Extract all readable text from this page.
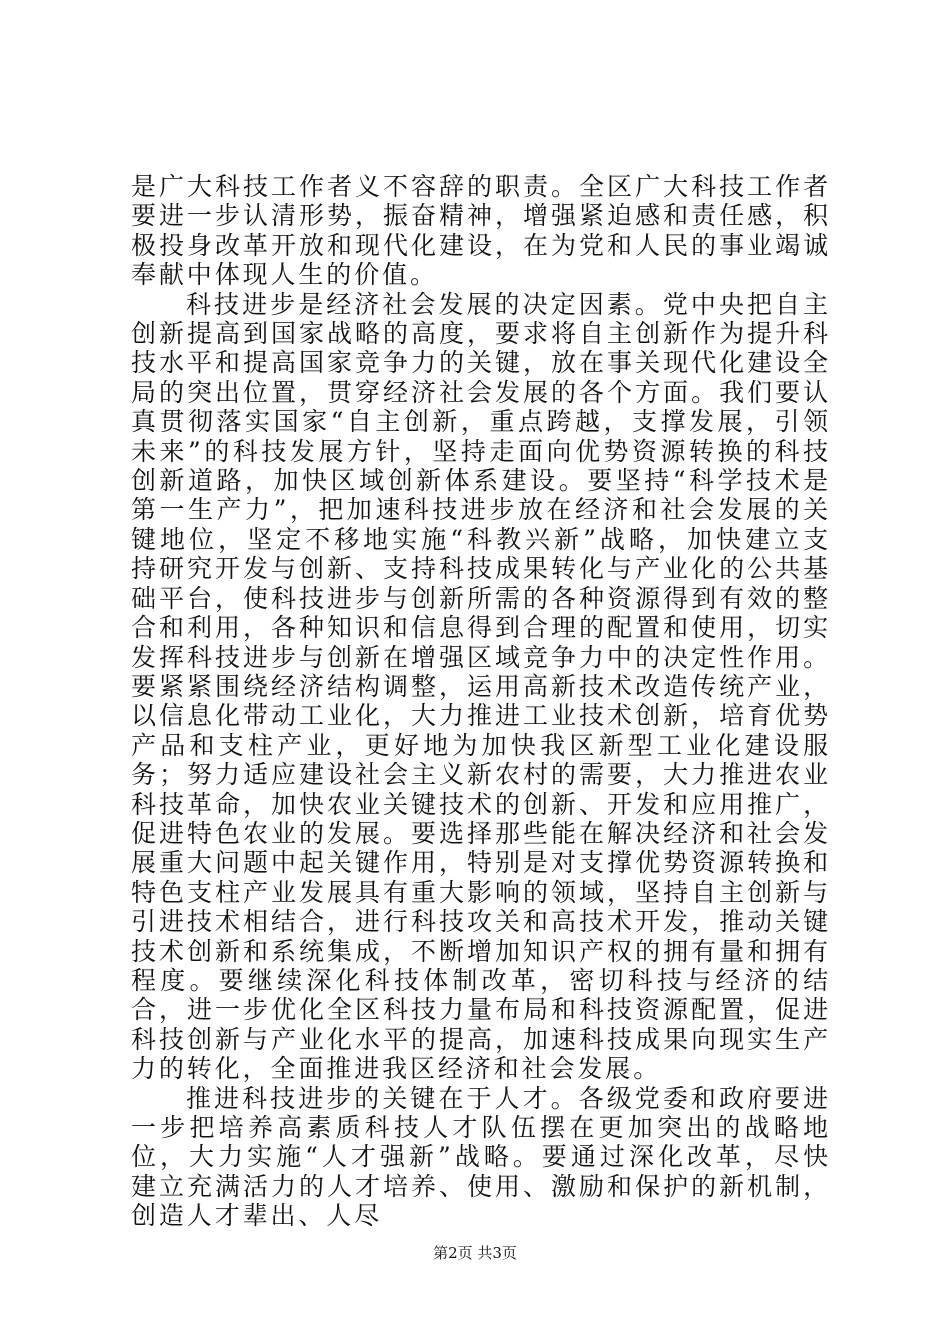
是广大科技工作者义不容辞的职责。全区广大科技工作者要进一步认清形势，振奋精神，增强紧迫感和责任感，积极投身改革开放和现代化建设，在为党和人民的事业竭诚奉献中体现人生的价值。

科技进步是经济社会发展的决定因素。党中央把自主创新提高到国家战略的高度，要求将自主创新作为提升科技水平和提高国家竞争力的关键，放在事关现代化建设全局的突出位置，贯穿经济社会发展的各个方面。我们要认真贯彻落实国家“自主创新，重点跨越，支撑发展，引领未来”的科技发展方针，坚持走面向优势资源转换的科技创新道路，加快区域创新体系建设。要坚持“科学技术是第一生产力”，把加速科技进步放在经济和社会发展的关键地位，坚定不移地实施“科教兴新”战略，加快建立支持研究开发与创新、支持科技成果转化与产业化的公共基础平台，使科技进步与创新所需的各种资源得到有效的整合和利用，各种知识和信息得到合理的配置和使用，切实发挥科技进步与创新在增强区域竞争力中的决定性作用。要紧紧围绕经济结构调整，运用高新技术改造传统产业，以信息化带动工业化，大力推进工业技术创新，培育优势产品和支柱产业，更好地为加快我区新型工业化建设服务；努力适应建设社会主义新农村的需要，大力推进农业科技革命，加快农业关键技术的创新、开发和应用推广，促进特色农业的发展。要选择那些能在解决经济和社会发展重大问题中起关键作用，特别是对支撑优势资源转换和特色支柱产业发展具有重大影响的领域，坚持自主创新与引进技术相结合，进行科技攻关和高技术开发，推动关键技术创新和系统集成，不断增加知识产权的拥有量和拥有程度。要继续深化科技体制改革，密切科技与经济的结合，进一步优化全区科技力量布局和科技资源配置，促进科技创新与产业化水平的提高，加速科技成果向现实生产力的转化，全面推进我区经济和社会发展。

推进科技进步的关键在于人才。各级党委和政府要进一步把培养高素质科技人才队伍摆在更加突出的战略地位，大力实施“人才强新”战略。要通过深化改革，尽快建立充满活力的人才培养、使用、激励和保护的新机制，创造人才辈出、人尽

第2页 共3页
